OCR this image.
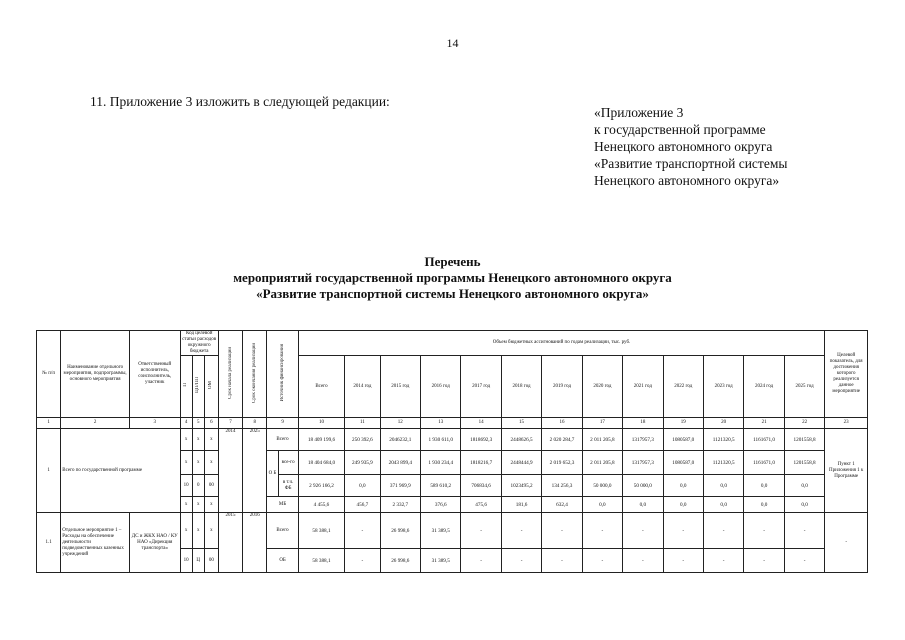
14
11. Приложение 3 изложить в следующей редакции:
«Приложение 3
к государственной программе
Ненецкого автономного округа
«Развитие транспортной системы
Ненецкого автономного округа»
Перечень
мероприятий государственной программы Ненецкого автономного округа
«Развитие транспортной системы Ненецкого автономного округа»
№ п/п	Наименование отдельного мероприятия, подпрограммы, основного мероприятия	Ответственный исполнитель, соисполнитель, участник	Код целевой статьи расходов окружного бюджета			Срок начала реализации	Срок окончания реализации	Источник финансирования		Объем бюджетных ассигнований по годам реализации, тыс. руб.													Целевой показатель, для достижения которого реализуется данное мероприятие
			П	ЦП/ПП	ОМ					Всего	2014 год	2015 год	2016 год	2017 год	2018 год	2019 год	2020 год	2021 год	2022 год	2023 год	2024 год	2025 год	
1	2	3	4	5	6	7	8	9		10	11	12	13	14	15	16	17	18	19	20	21	22	23
1	Всего по государственной программе		х	х	х	2014	2025	Всего		18 409 199,6	250 392,6	2046232,1	1 930 611,0	1818692,3	2448626,5	2 020 284,7	2 011 205,8	1317957,3	1080587,0	1121320,5	1161671,0	1201558,8	Пункт 1 Приложения 1 к Программе
			х	х	х			О Б	все-го	18 404 684,0	249 935,9	2043 899,4	1 930 234,4	1818216,7	2448444,9	2 019 652,3	2 011 205,8	1317957,3	1080587,0	1121320,5	1161671,0	1201558,8	
			10	0	00				в т.ч. ФБ	2 926 166,2	0,0	371 969,9	589 610,2	706834,6	1023495,2	134 256,3	50 000,0	50 000,0	0,0	0,0	0,0	0,0	
			х	х	х			МБ		4 455,6	456,7	2 332,7	376,6	475,6	181,6	632,4	0,0	0,0	0,0	0,0	0,0	0,0	
1.1	Отдельное мероприятие 1 – Расходы на обеспечение деятельности подведомственных казенных учреждений	ДС и ЖКХ НАО / КУ НАО «Дирекция транспорта»	х	х	х	2015	2016	Всего		58 388,1	-	26 998,6	31 389,5	-	-	-	-	-	-	-	-	-	-
			10	Ц	00			ОБ		58 388,1	-	26 998,6	31 389,5	-	-	-	-	-	-	-	-	-	
